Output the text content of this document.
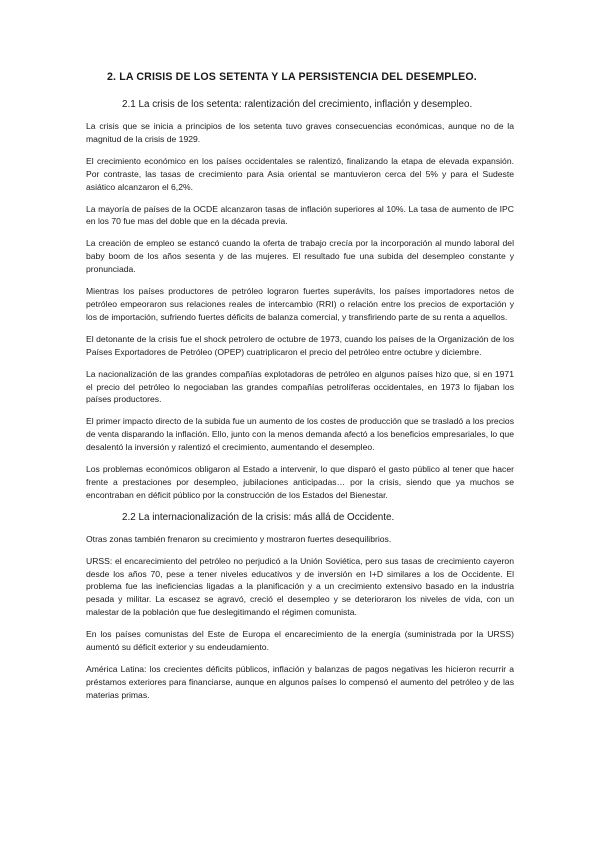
2. LA CRISIS DE LOS SETENTA Y LA PERSISTENCIA DEL DESEMPLEO.
2.1 La crisis de los setenta: ralentización del crecimiento, inflación y desempleo.

La crisis que se inicia a principios de los setenta tuvo graves consecuencias económicas, aunque no de la magnitud de la crisis de 1929.

El crecimiento económico en los países occidentales se ralentizó, finalizando la etapa de elevada expansión. Por contraste, las tasas de crecimiento para Asia oriental se mantuvieron cerca del 5% y para el Sudeste asiático alcanzaron el 6,2%.

La mayoría de países de la OCDE alcanzaron tasas de inflación superiores al 10%. La tasa de aumento de IPC en los 70 fue mas del doble que en la década previa.

La creación de empleo se estancó cuando la oferta de trabajo crecía por la incorporación al mundo laboral del baby boom de los años sesenta y de las mujeres. El resultado fue una subida del desempleo constante y pronunciada.

Mientras los países productores de petróleo lograron fuertes superávits, los países importadores netos de petróleo empeoraron sus relaciones reales de intercambio (RRI) o relación entre los precios de exportación y los de importación, sufriendo fuertes déficits de balanza comercial, y transfiriendo parte de su renta a aquellos.

El detonante de la crisis fue el shock petrolero de octubre de 1973, cuando los países de la Organización de los Países Exportadores de Petróleo (OPEP) cuatriplicaron el precio del petróleo entre octubre y diciembre.

La nacionalización de las grandes compañías explotadoras de petróleo en algunos países hizo que, si en 1971 el precio del petróleo lo negociaban las grandes compañías petrolíferas occidentales, en 1973 lo fijaban los países productores.

El primer impacto directo de la subida fue un aumento de los costes de producción que se trasladó a los precios de venta disparando la inflación. Ello, junto con la menos demanda afectó a los beneficios empresariales, lo que desalentó la inversión y ralentizó el crecimiento, aumentando el desempleo.

Los problemas económicos obligaron al Estado a intervenir, lo que disparó el gasto público al tener que hacer frente a prestaciones por desempleo, jubilaciones anticipadas… por la crisis, siendo que ya muchos se encontraban en déficit público por la construcción de los Estados del Bienestar.

2.2 La internacionalización de la crisis: más allá de Occidente.

Otras zonas también frenaron su crecimiento y mostraron fuertes desequilibrios.

URSS: el encarecimiento del petróleo no perjudicó a la Unión Soviética, pero sus tasas de crecimiento cayeron desde los años 70, pese a tener niveles educativos y de inversión en I+D similares a los de Occidente. El problema fue las ineficiencias ligadas a la planificación y a un crecimiento extensivo basado en la industria pesada y militar. La escasez se agravó, creció el desempleo y se deterioraron los niveles de vida, con un malestar de la población que fue deslegitimando el régimen comunista.

En los países comunistas del Este de Europa el encarecimiento de la energía (suministrada por la URSS) aumentó su déficit exterior y su endeudamiento.

América Latina: los crecientes déficits públicos, inflación y balanzas de pagos negativas les hicieron recurrir a préstamos exteriores para financiarse, aunque en algunos países lo compensó el aumento del petróleo y de las materias primas.
